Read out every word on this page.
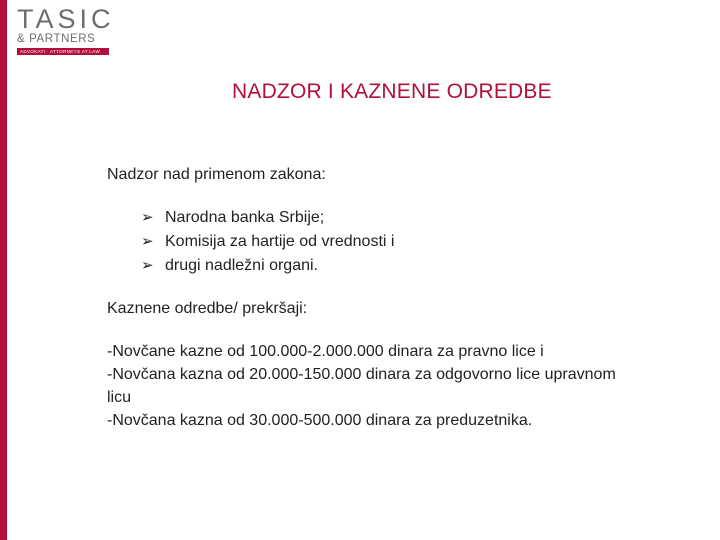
TASIC
& PARTNERS
ADVOKATI · ATTORNEYS AT LAW
NADZOR I KAZNENE ODREDBE

Nadzor nad primenom zakona:

➢ Narodna banka Srbije;
➢ Komisija za hartije od vrednosti i
➢ drugi nadležni organi.

Kaznene odredbe/ prekršaji:

-Novčane kazne od 100.000-2.000.000 dinara za pravno lice i
-Novčana kazna od 20.000-150.000 dinara za odgovorno lice upravnom
licu
-Novčana kazna od 30.000-500.000 dinara za preduzetnika.
